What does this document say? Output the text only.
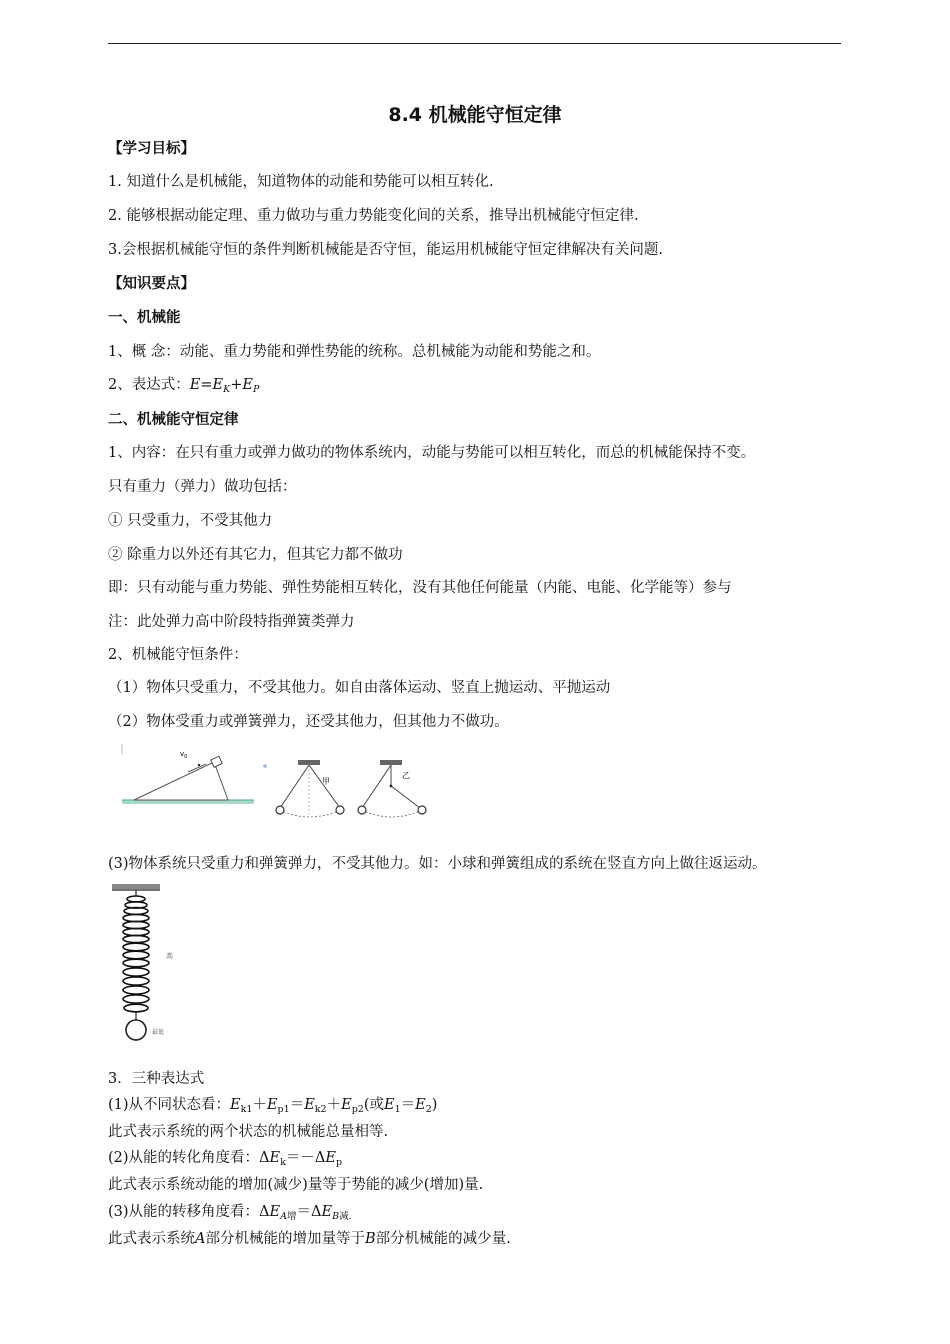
8.4 机械能守恒定律
【学习目标】
1. 知道什么是机械能，知道物体的动能和势能可以相互转化.
2. 能够根据动能定理、重力做功与重力势能变化间的关系，推导出机械能守恒定律.
3.会根据机械能守恒的条件判断机械能是否守恒，能运用机械能守恒定律解决有关问题.
【知识要点】
一、机械能
1、概 念：动能、重力势能和弹性势能的统称。总机械能为动能和势能之和。
2、表达式：$E=E_K+E_P$
二、机械能守恒定律
1、内容：在只有重力或弹力做功的物体系统内，动能与势能可以相互转化，而总的机械能保持不变。
只有重力（弹力）做功包括：
① 只受重力，不受其他力
② 除重力以外还有其它力，但其它力都不做功
即：只有动能与重力势能、弹性势能相互转化，没有其他任何能量（内能、电能、化学能等）参与
注：此处弹力高中阶段特指弹簧类弹力
2、机械能守恒条件：
（1）物体只受重力，不受其他力。如自由落体运动、竖直上抛运动、平抛运动
（2）物体受重力或弹簧弹力，还受其他力，但其他力不做功。
$v_0$
甲
乙
(3)物体系统只受重力和弹簧弹力，不受其他力。如：小球和弹簧组成的系统在竖直方向上做往返运动。
高
最低
3．三种表达式
(1)从不同状态看：$E_{k1}+E_{p1}=E_{k2}+E_{p2}$(或$E_1=E_2$)
此式表示系统的两个状态的机械能总量相等.
(2)从能的转化角度看：$\Delta E_k=-\Delta E_p$
此式表示系统动能的增加(减少)量等于势能的减少(增加)量.
(3)从能的转移角度看：$\Delta E_{A增}=\Delta E_{B减.}$
此式表示系统A部分机械能的增加量等于B部分机械能的减少量.
